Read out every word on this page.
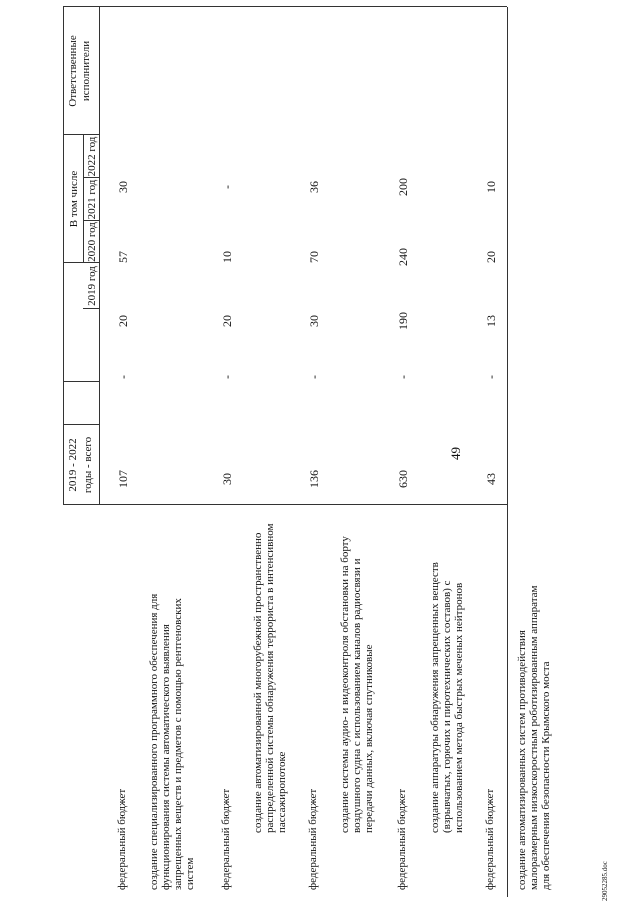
49
29052285.doc
2019 - 2022 годы - всего
В том числе
2019 год
2020 год
2021 год
2022 год
Ответственные исполнители
создание специализированного программного обеспечения для функционирования системы автоматического выявления запрещенных веществ и предметов с помощью рентгеновских систем
федеральный бюджет
107
-
20
57
30
создание автоматизированной многорубежной пространственно распределенной системы обнаружения террориста в интенсивном пассажиропотоке
федеральный бюджет
30
-
20
10
-
создание системы аудио- и видеоконтроля обстановки на борту воздушного судна с использованием каналов радиосвязи и передачи данных, включая спутниковые
федеральный бюджет
136
-
30
70
36
создание аппаратуры обнаружения запрещенных веществ (взрывчатых, горючих и пиротехнических составов) с использованием метода быстрых меченых нейтронов
федеральный бюджет
630
-
190
240
200
создание автоматизированных систем противодействия малоразмерным низкоскоростным роботизированным аппаратам для обеспечения безопасности Крымского моста
федеральный бюджет
43
-
13
20
10
